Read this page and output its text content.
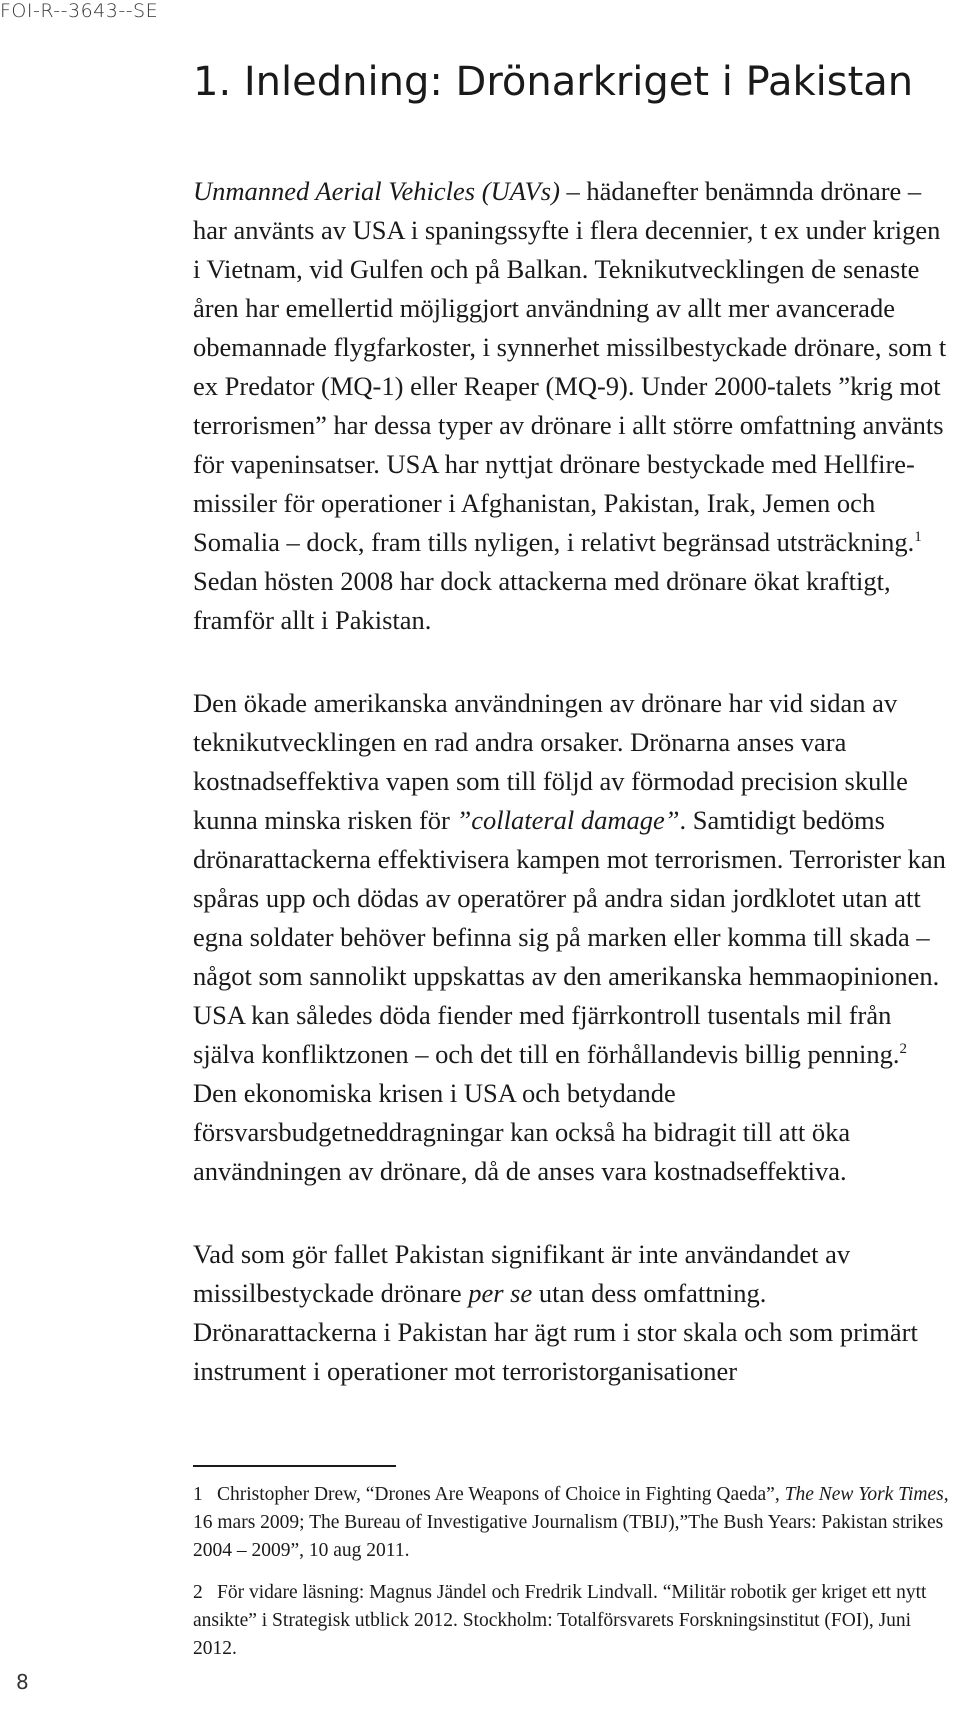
FOI-R--3643--SE
1. Inledning: Drönarkriget i Pakistan

Unmanned Aerial Vehicles (UAVs) – hädanefter benämnda drönare – har använts av USA i spaningssyfte i flera decennier, t ex under krigen i Vietnam, vid Gulfen och på Balkan. Teknikutvecklingen de senaste åren har emellertid möjliggjort användning av allt mer avancerade obemannade flygfarkoster, i synnerhet missilbestyckade drönare, som t ex Predator (MQ-1) eller Reaper (MQ-9). Under 2000-talets ”krig mot terrorismen” har dessa typer av drönare i allt större omfattning använts för vapeninsatser. USA har nyttjat drönare bestyckade med Hellfire-missiler för operationer i Afghanistan, Pakistan, Irak, Jemen och Somalia – dock, fram tills nyligen, i relativt begränsad utsträckning.$^1$ Sedan hösten 2008 har dock attackerna med drönare ökat kraftigt, framför allt i Pakistan.

Den ökade amerikanska användningen av drönare har vid sidan av teknikutvecklingen en rad andra orsaker. Drönarna anses vara kostnadseffektiva vapen som till följd av förmodad precision skulle kunna minska risken för ”collateral damage”. Samtidigt bedöms drönarattackerna effektivisera kampen mot terrorismen. Terrorister kan spåras upp och dödas av operatörer på andra sidan jordklotet utan att egna soldater behöver befinna sig på marken eller komma till skada – något som sannolikt uppskattas av den amerikanska hemmaopinionen. USA kan således döda fiender med fjärrkontroll tusentals mil från själva konfliktzonen – och det till en förhållandevis billig penning.$^2$ Den ekonomiska krisen i USA och betydande försvarsbudgetneddragningar kan också ha bidragit till att öka användningen av drönare, då de anses vara kostnadseffektiva.

Vad som gör fallet Pakistan signifikant är inte användandet av missilbestyckade drönare per se utan dess omfattning. Drönarattackerna i Pakistan har ägt rum i stor skala och som primärt instrument i operationer mot terroristorganisationer

1 Christopher Drew, “Drones Are Weapons of Choice in Fighting Qaeda”, The New York Times, 16 mars 2009; The Bureau of Investigative Journalism (TBIJ),”The Bush Years: Pakistan strikes 2004 – 2009”, 10 aug 2011.

2 För vidare läsning: Magnus Jändel och Fredrik Lindvall. “Militär robotik ger kriget ett nytt ansikte” i Strategisk utblick 2012. Stockholm: Totalförsvarets Forskningsinstitut (FOI), Juni 2012.

8
